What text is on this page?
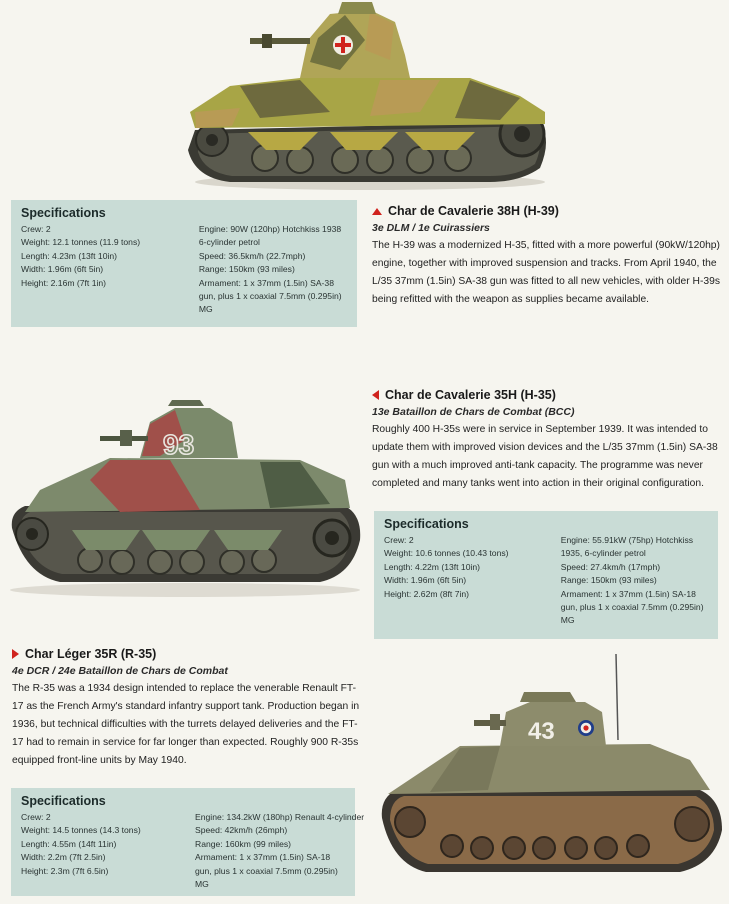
Specifications
Crew: 2
Weight: 12.1 tonnes (11.9 tons)
Length: 4.23m (13ft 10in)
Width: 1.96m (6ft 5in)
Height: 2.16m (7ft 1in)
Engine: 90W (120hp) Hotchkiss 1938 6-cylinder petrol
Speed: 36.5km/h (22.7mph)
Range: 150km (93 miles)
Armament: 1 x 37mm (1.5in) SA-38 gun, plus 1 x coaxial 7.5mm (0.295in) MG
Char de Cavalerie 38H (H-39)
3e DLM / 1e Cuirassiers
The H-39 was a modernized H-35, fitted with a more powerful (90kW/120hp) engine, together with improved suspension and tracks. From April 1940, the L/35 37mm (1.5in) SA-38 gun was fitted to all new vehicles, with older H-39s being refitted with the weapon as supplies became available.
Char de Cavalerie 35H (H-35)
13e Bataillon de Chars de Combat (BCC)
Roughly 400 H-35s were in service in September 1939. It was intended to update them with improved vision devices and the L/35 37mm (1.5in) SA-38 gun with a much improved anti-tank capacity. The programme was never completed and many tanks went into action in their original configuration.
93
Specifications
Crew: 2
Weight: 10.6 tonnes (10.43 tons)
Length: 4.22m (13ft 10in)
Width: 1.96m (6ft 5in)
Height: 2.62m (8ft 7in)
Engine: 55.91kW (75hp) Hotchkiss 1935, 6-cylinder petrol
Speed: 27.4km/h (17mph)
Range: 150km (93 miles)
Armament: 1 x 37mm (1.5in) SA-18 gun, plus 1 x coaxial 7.5mm (0.295in) MG
Char Léger 35R (R-35)
4e DCR / 24e Bataillon de Chars de Combat
The R-35 was a 1934 design intended to replace the venerable Renault FT-17 as the French Army's standard infantry support tank. Production began in 1936, but technical difficulties with the turrets delayed deliveries and the FT-17 had to remain in service for far longer than expected. Roughly 900 R-35s equipped front-line units by May 1940.
Specifications
Crew: 2
Weight: 14.5 tonnes (14.3 tons)
Length: 4.55m (14ft 11in)
Width: 2.2m (7ft 2.5in)
Height: 2.3m (7ft 6.5in)
Engine: 134.2kW (180hp) Renault 4-cylinder
Speed: 42km/h (26mph)
Range: 160km (99 miles)
Armament: 1 x 37mm (1.5in) SA-18 gun, plus 1 x coaxial 7.5mm (0.295in) MG
43
